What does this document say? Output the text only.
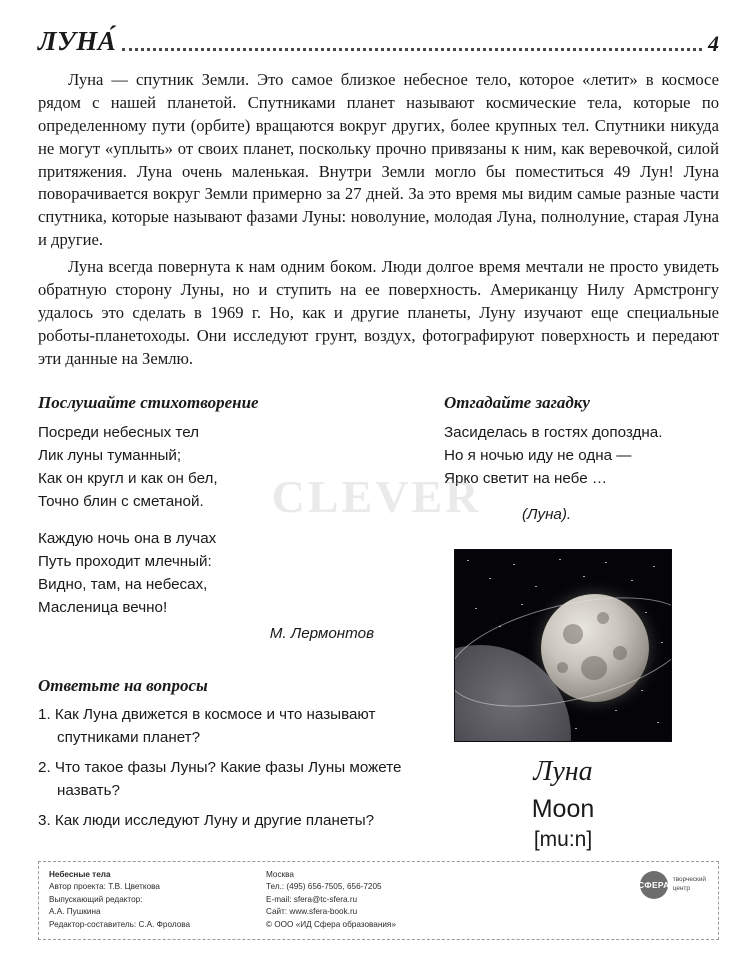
CLEVER
ЛУНА́	4

Луна — спутник Земли. Это самое близкое небесное тело, которое «летит» в космосе рядом с нашей планетой. Спутниками планет называют космические тела, которые по определенному пути (орбите) вращаются вокруг других, более крупных тел. Спутники никуда не могут «уплыть» от своих планет, поскольку прочно привязаны к ним, как веревочкой, силой притяжения. Луна очень маленькая. Внутри Земли могло бы поместиться 49 Лун! Луна поворачивается вокруг Земли примерно за 27 дней. За это время мы видим самые разные части спутника, которые называют фазами Луны: новолуние, молодая Луна, полнолуние, старая Луна и другие.

Луна всегда повернута к нам одним боком. Люди долгое время мечтали не просто увидеть обратную сторону Луны, но и ступить на ее поверхность. Американцу Нилу Армстронгу удалось это сделать в 1969 г. Но, как и другие планеты, Луну изучают еще специальные роботы-планетоходы. Они исследуют грунт, воздух, фотографируют поверхность и передают эти данные на Землю.

Послушайте стихотворение
Посреди небесных тел
Лик луны туманный;
Как он кругл и как он бел,
Точно блин с сметаной.
Каждую ночь она в лучах
Путь проходит млечный:
Видно, там, на небесах,
Масленица вечно!
М. Лермонтов
Ответьте на вопросы
1. Как Луна движется в космосе и что называют спутниками планет?
2. Что такое фазы Луны? Какие фазы Луны можете назвать?
3. Как люди исследуют Луну и другие планеты?
Отгадайте загадку
Засиделась в гостях допоздна.
Но я ночью иду не одна —
Ярко светит на небе …
(Луна).
Луна
Moon
[mu:n]
Небесные тела
Автор проекта: Т.В. Цветкова
Выпускающий редактор:
А.А. Пушкина
Редактор-составитель: С.А. Фролова
Москва
Тел.: (495) 656-7505, 656-7205
E-mail: sfera@tc-sfera.ru
Сайт: www.sfera-book.ru
© ООО «ИД Сфера образования»
СФЕРА творческий
центр
